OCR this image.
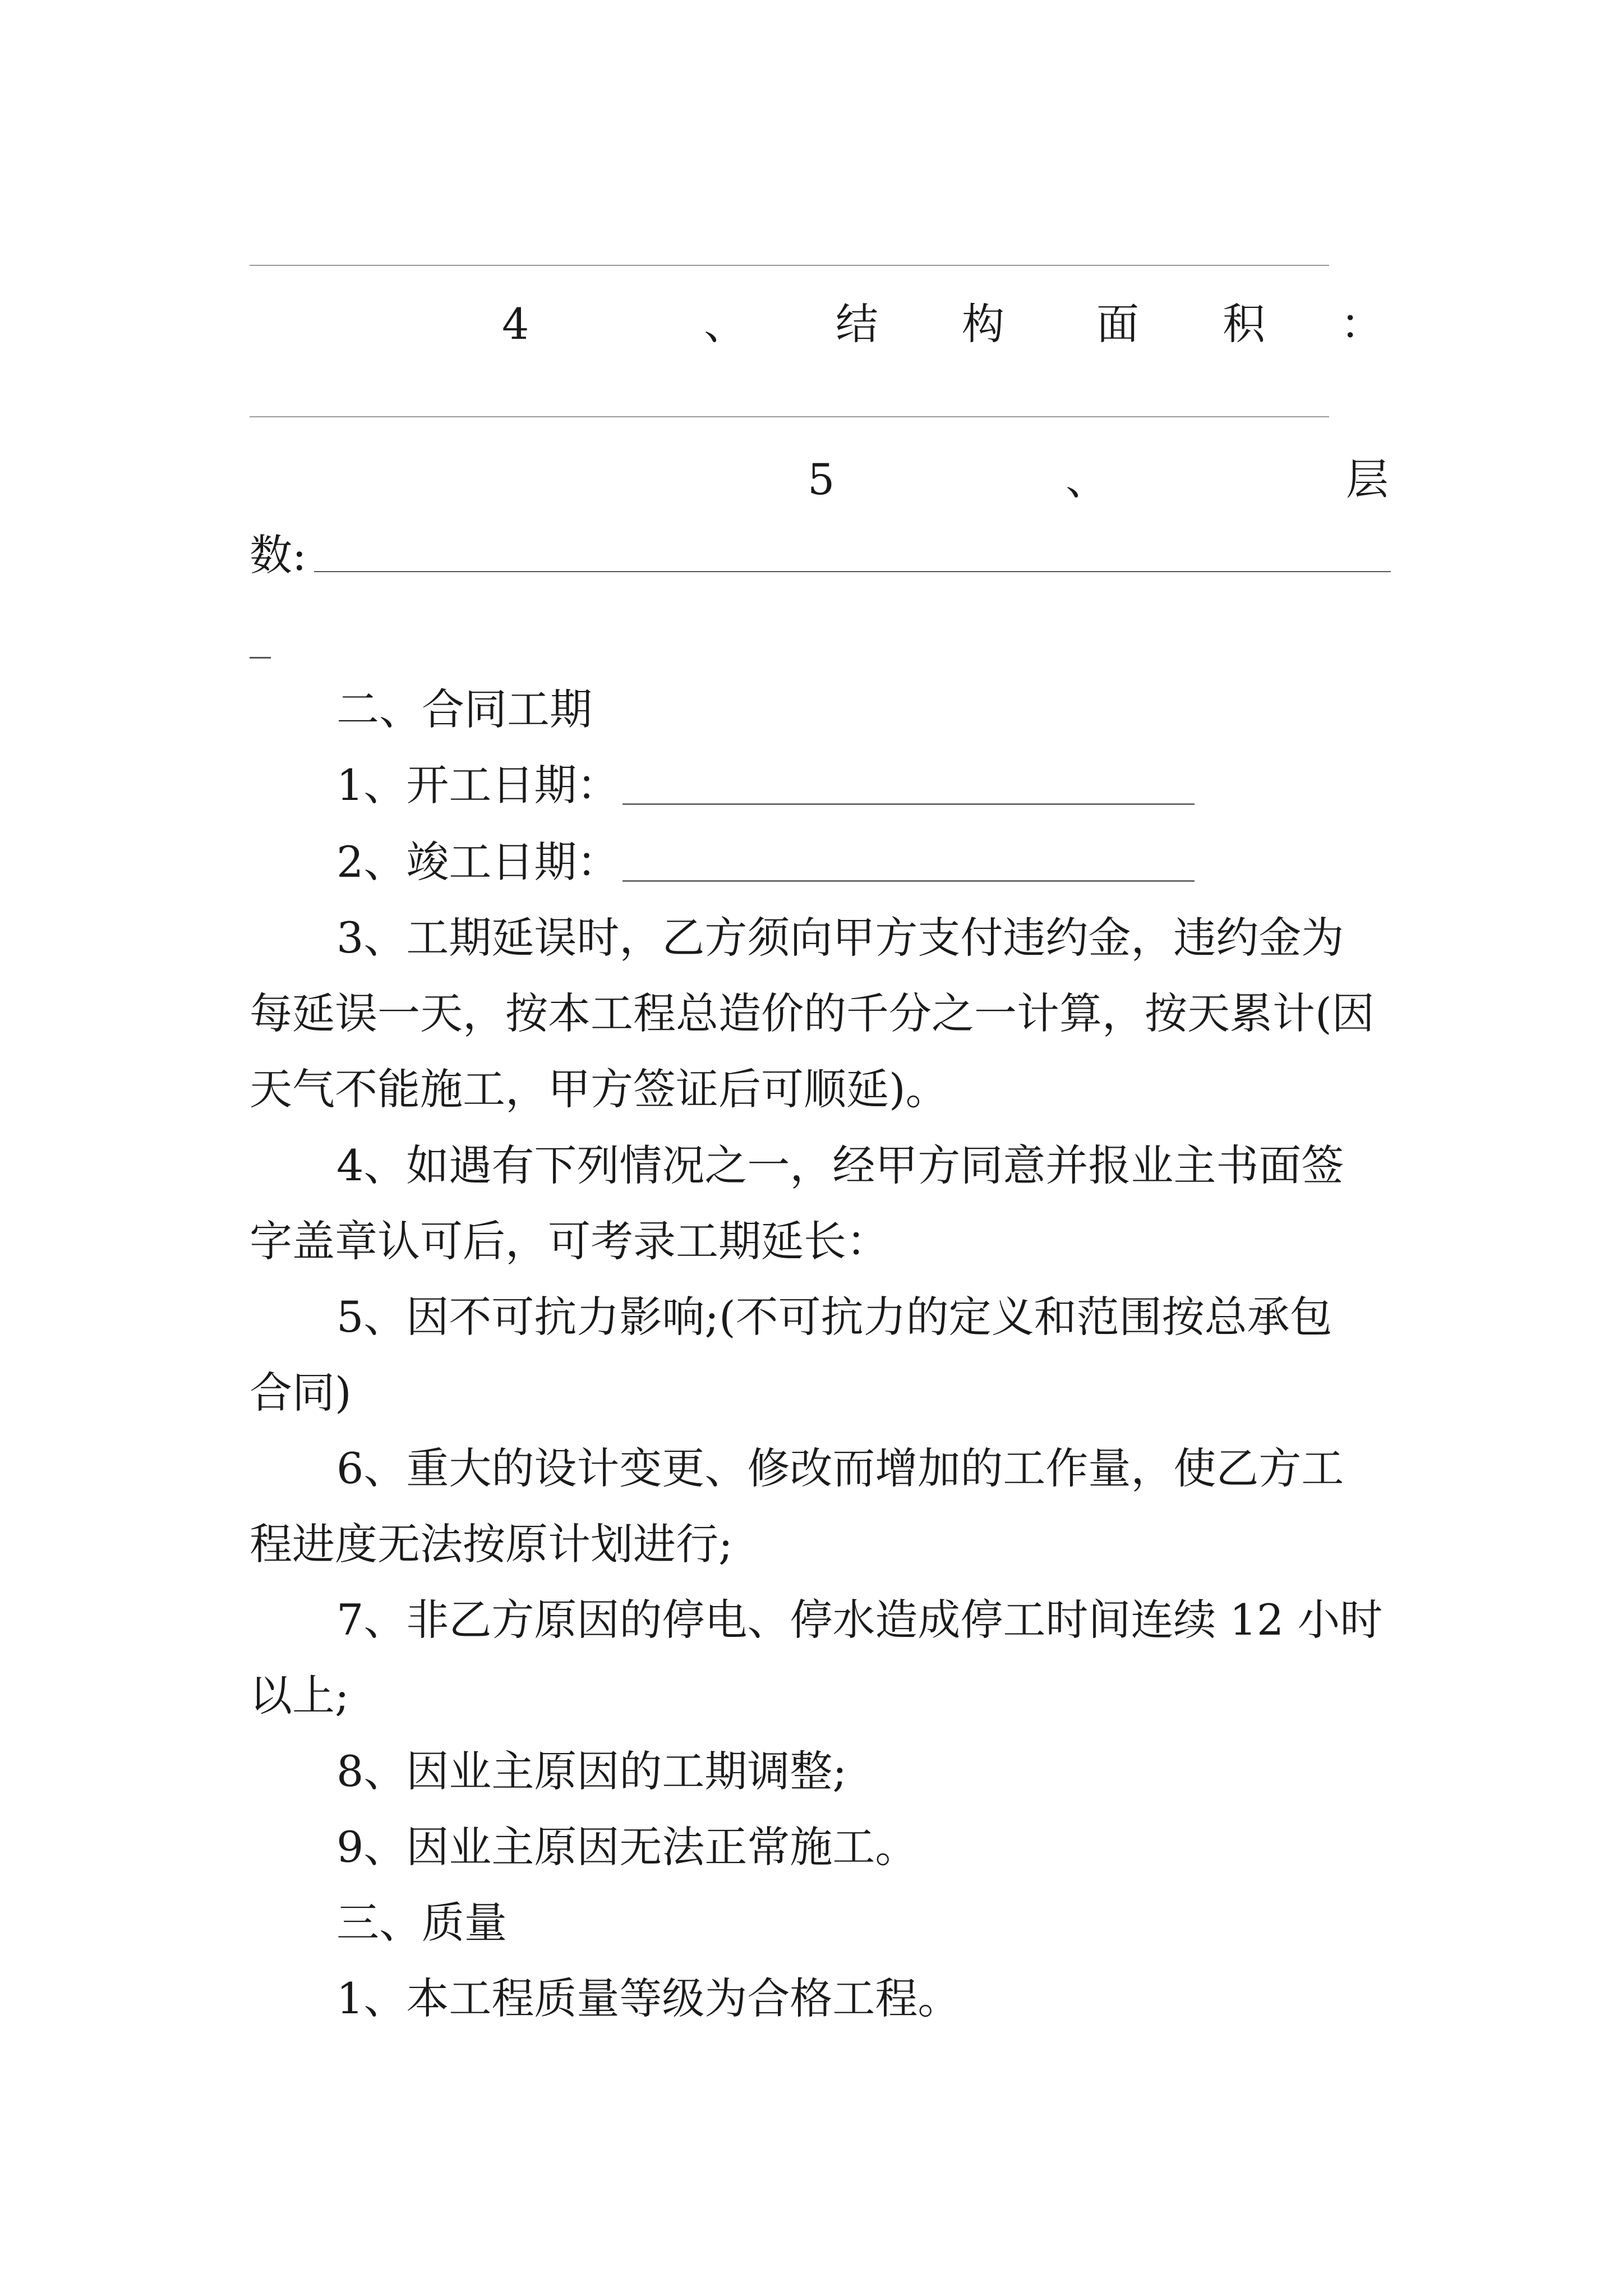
4	、 结 构 面 积 ：
5	、	层
数:
_
二、合同工期
1、开工日期：
2、竣工日期：
3、工期延误时，乙方须向甲方支付违约金，违约金为
每延误一天，按本工程总造价的千分之一计算，按天累计(因
天气不能施工，甲方签证后可顺延)。
4、如遇有下列情况之一，经甲方同意并报业主书面签
字盖章认可后，可考录工期延长：
5、因不可抗力影响;(不可抗力的定义和范围按总承包
合同)
6、重大的设计变更、修改而增加的工作量，使乙方工
程进度无法按原计划进行;
7、非乙方原因的停电、停水造成停工时间连续 12 小时
以上;
8、因业主原因的工期调整;
9、因业主原因无法正常施工。
三、质量
1、本工程质量等级为合格工程。
